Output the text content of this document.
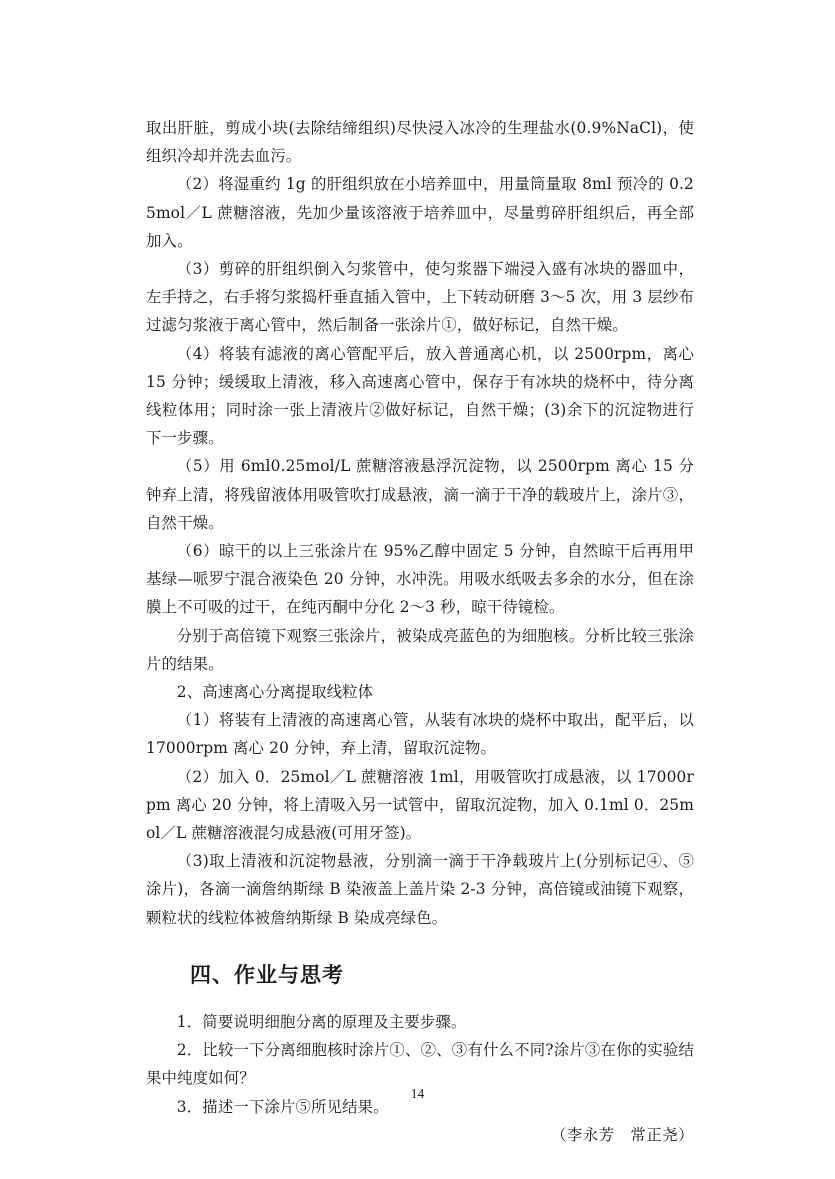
取出肝脏，剪成小块(去除结缔组织)尽快浸入冰冷的生理盐水(0.9%NaCl)，使组织冷却并洗去血污。

（2）将湿重约 1g 的肝组织放在小培养皿中，用量筒量取 8ml 预冷的 0.25mol／L 蔗糖溶液，先加少量该溶液于培养皿中，尽量剪碎肝组织后，再全部加入。

（3）剪碎的肝组织倒入匀浆管中，使匀浆器下端浸入盛有冰块的器皿中，左手持之，右手将匀浆捣杆垂直插入管中，上下转动研磨 3～5 次，用 3 层纱布过滤匀浆液于离心管中，然后制备一张涂片①，做好标记，自然干燥。

（4）将装有滤液的离心管配平后，放入普通离心机，以 2500rpm，离心 15 分钟；缓缓取上清液，移入高速离心管中，保存于有冰块的烧杯中，待分离线粒体用；同时涂一张上清液片②做好标记，自然干燥；(3)余下的沉淀物进行下一步骤。

（5）用 6ml0.25mol/L 蔗糖溶液悬浮沉淀物，以 2500rpm 离心 15 分钟弃上清，将残留液体用吸管吹打成悬液，滴一滴于干净的载玻片上，涂片③，自然干燥。

（6）晾干的以上三张涂片在 95%乙醇中固定 5 分钟，自然晾干后再用甲基绿—哌罗宁混合液染色 20 分钟，水冲洗。用吸水纸吸去多余的水分，但在涂膜上不可吸的过干，在纯丙酮中分化 2～3 秒，晾干待镜检。

分别于高倍镜下观察三张涂片，被染成亮蓝色的为细胞核。分析比较三张涂片的结果。

2、高速离心分离提取线粒体

（1）将装有上清液的高速离心管，从装有冰块的烧杯中取出，配平后，以 17000rpm 离心 20 分钟，弃上清，留取沉淀物。

（2）加入 0．25mol／L 蔗糖溶液 1ml，用吸管吹打成悬液，以 17000rpm 离心 20 分钟，将上清吸入另一试管中，留取沉淀物，加入 0.1ml 0．25mol／L 蔗糖溶液混匀成悬液(可用牙签)。

（3)取上清液和沉淀物悬液，分别滴一滴于干净载玻片上(分别标记④、⑤涂片)，各滴一滴詹纳斯绿 B 染液盖上盖片染 2-3 分钟，高倍镜或油镜下观察，颗粒状的线粒体被詹纳斯绿 B 染成亮绿色。

四、作业与思考

1．简要说明细胞分离的原理及主要步骤。

2．比较一下分离细胞核时涂片①、②、③有什么不同?涂片③在你的实验结果中纯度如何？

3．描述一下涂片⑤所见结果。

（李永芳　常正尧）

14
